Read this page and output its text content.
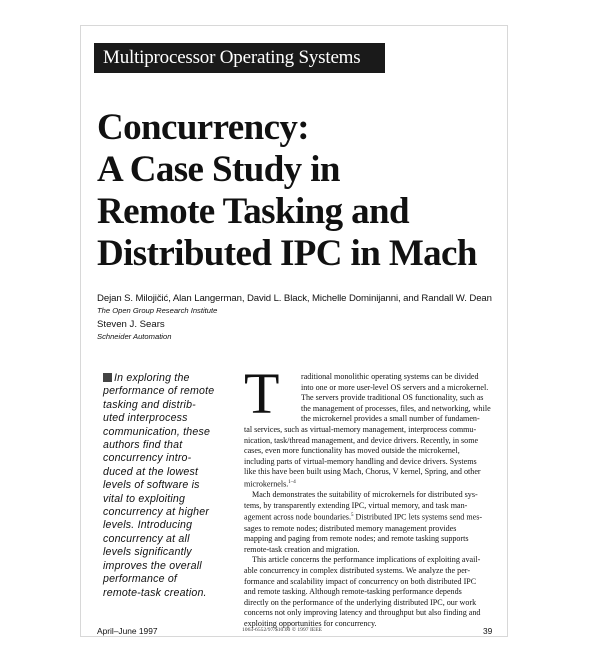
Multiprocessor Operating Systems
Concurrency:
A Case Study in
Remote Tasking and
Distributed IPC in Mach
Dejan S. Milojičić, Alan Langerman, David L. Black, Michelle Dominijanni, and Randall W. Dean
The Open Group Research Institute
Steven J. Sears
Schneider Automation
In exploring the
performance of remote
tasking and distrib-
uted interprocess
communication, these
authors find that
concurrency intro-
duced at the lowest
levels of software is
vital to exploiting
concurrency at higher
levels. Introducing
concurrency at all
levels significantly
improves the overall
performance of
remote-task creation.
T	raditional monolithic operating systems can be divided
into one or more user-level OS servers and a microkernel.
The servers provide traditional OS functionality, such as
the management of processes, files, and networking, while
the microkernel provides a small number of fundamen-
tal services, such as virtual-memory management, interprocess commu-
nication, task/thread management, and device drivers. Recently, in some
cases, even more functionality has moved outside the microkernel,
including parts of virtual-memory handling and device drivers. Systems
like this have been built using Mach, Chorus, V kernel, Spring, and other
microkernels.$^{1-4}$
Mach demonstrates the suitability of microkernels for distributed sys-
tems, by transparently extending IPC, virtual memory, and task man-
agement across node boundaries.$^5$ Distributed IPC lets systems send mes-
sages to remote nodes; distributed memory management provides
mapping and paging from remote nodes; and remote tasking supports
remote-task creation and migration.
This article concerns the performance implications of exploiting avail-
able concurrency in complex distributed systems. We analyze the per-
formance and scalability impact of concurrency on both distributed IPC
and remote tasking. Although remote-tasking performance depends
directly on the performance of the underlying distributed IPC, our work
concerns not only improving latency and throughput but also finding and
exploiting opportunities for concurrency.
April–June 1997	1063-6552/97/$10.00 © 1997 IEEE	39
